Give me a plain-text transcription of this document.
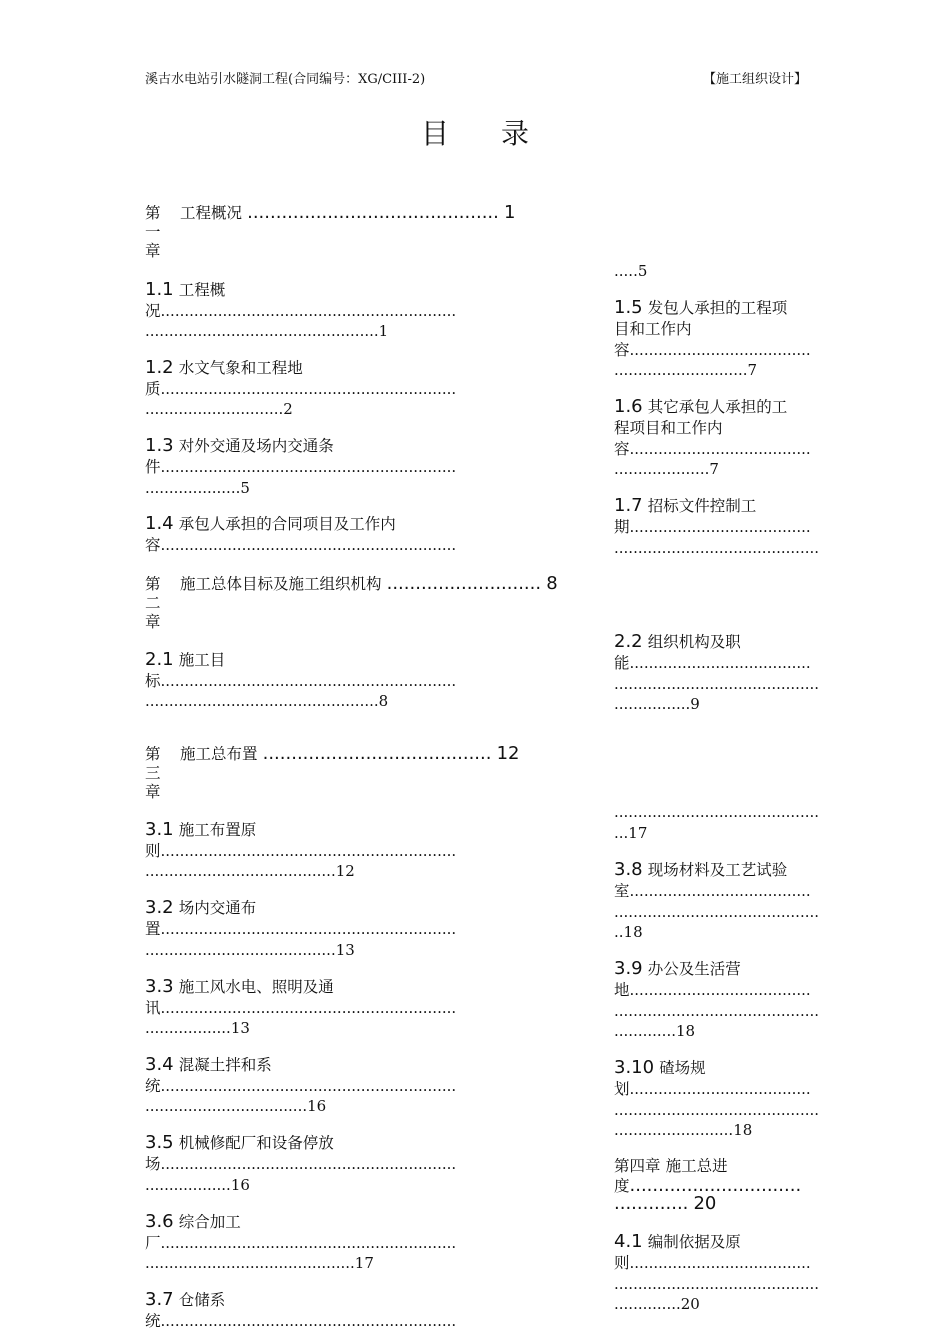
溪古水电站引水隧洞工程(合同编号：XG/CIII-2)	【施工组织设计】
目 录
第
一
章
工程概况 ............................................ 1
第
二
章
施工总体目标及施工组织机构 ........................... 8
第
三
章
施工总布置 ........................................ 12
1.1 工程概
况..............................................................
.................................................1
1.2 水文气象和工程地
质..............................................................
.............................2
1.3 对外交通及场内交通条
件..............................................................
....................5
1.4 承包人承担的合同项目及工作内
容..............................................................
2.1 施工目
标..............................................................
.................................................8
3.1 施工布置原
则..............................................................
........................................12
3.2 场内交通布
置..............................................................
........................................13
3.3 施工风水电、照明及通
讯..............................................................
..................13
3.4 混凝土拌和系
统..............................................................
..................................16
3.5 机械修配厂和设备停放
场..............................................................
..................16
3.6 综合加工
厂..............................................................
............................................17
3.7 仓储系
统..............................................................
.....5
1.5 发包人承担的工程项
目和工作内
容......................................
............................7
1.6 其它承包人承担的工
程项目和工作内
容......................................
....................7
1.7 招标文件控制工
期......................................
...........................................
2.2 组织机构及职
能......................................
...........................................
................9
...........................................
...17
3.8 现场材料及工艺试验
室......................................
...........................................
..18
3.9 办公及生活营
地......................................
...........................................
.............18
3.10 碴场规
划......................................
...........................................
.........................18
第四章 施工总进
度..............................
............. 20
4.1 编制依据及原
则......................................
...........................................
..............20
